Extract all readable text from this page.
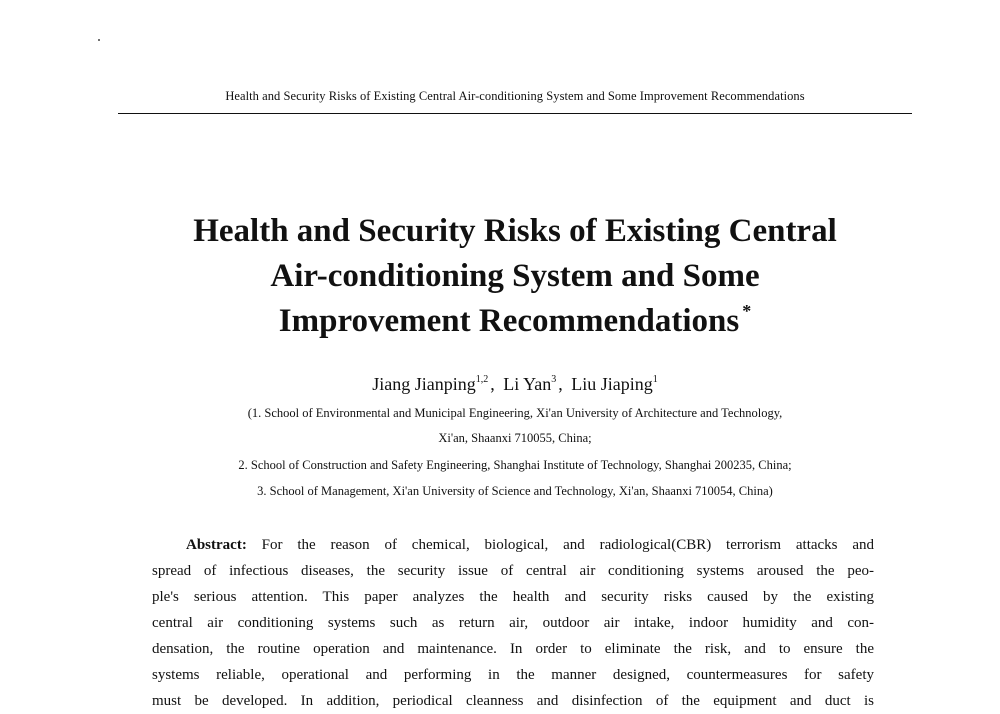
Health and Security Risks of Existing Central Air-conditioning System and Some Improvement Recommendations
Health and Security Risks of Existing Central
Air-conditioning System and Some
Improvement Recommendations *
Jiang Jianping$^{1,2}$ , Li Yan$^3$ , Liu Jiaping$^1$
(1. School of Environmental and Municipal Engineering, Xi'an University of Architecture and Technology,
Xi'an, Shaanxi 710055, China;
2. School of Construction and Safety Engineering, Shanghai Institute of Technology, Shanghai 200235, China;
3. School of Management, Xi'an University of Science and Technology, Xi'an, Shaanxi 710054, China)
Abstract: For the reason of chemical, biological, and radiological(CBR) terrorism attacks and
spread of infectious diseases, the security issue of central air conditioning systems aroused the peo-
ple's serious attention. This paper analyzes the health and security risks caused by the existing
central air conditioning systems such as return air, outdoor air intake, indoor humidity and con-
densation, the routine operation and maintenance. In order to eliminate the risk, and to ensure the
systems reliable, operational and performing in the manner designed, countermeasures for safety
must be developed. In addition, periodical cleanness and disinfection of the equipment and duct is
